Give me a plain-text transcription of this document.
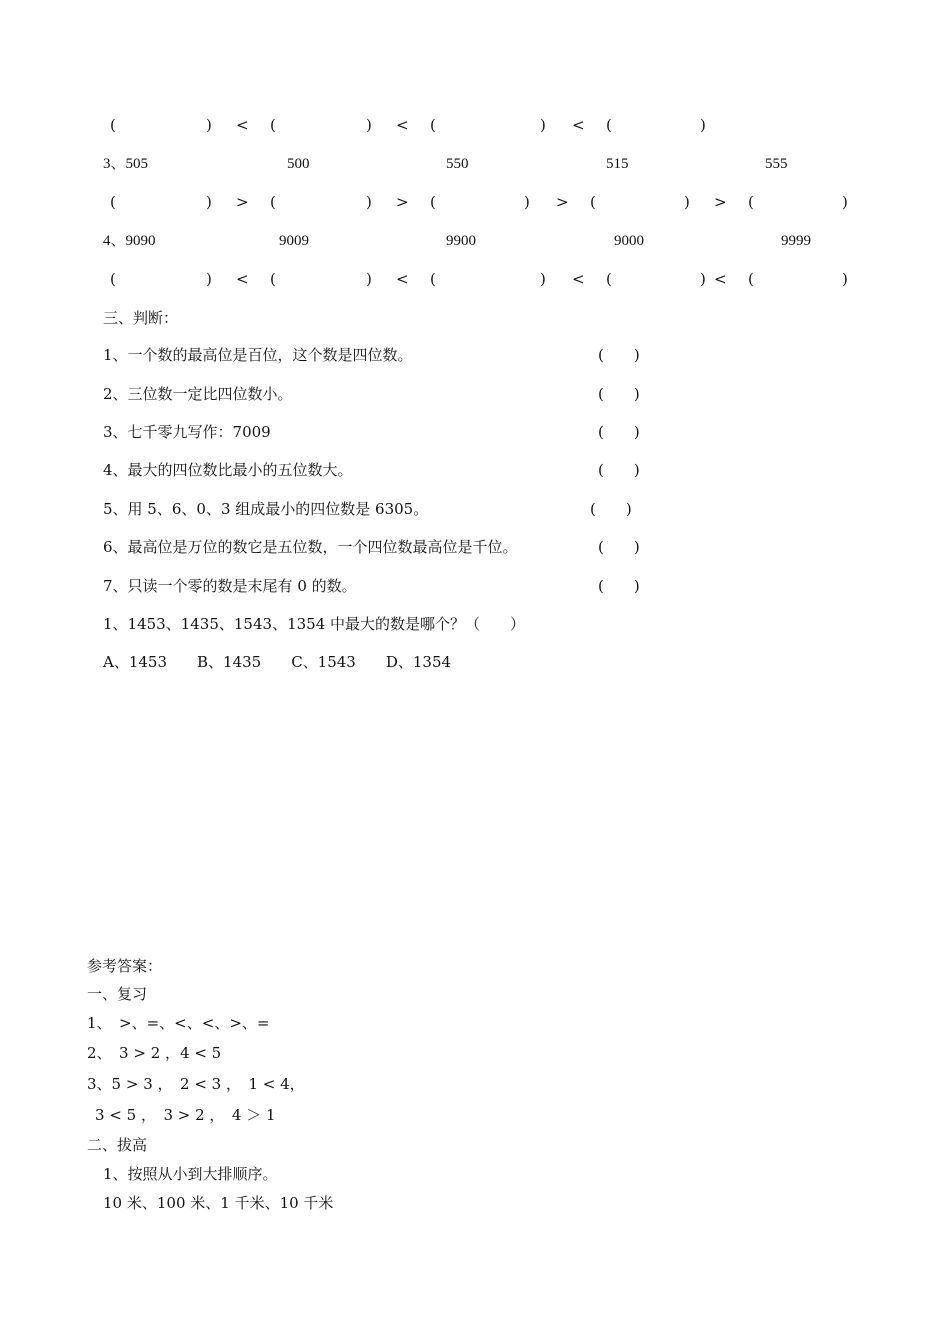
(	) < (	) < (	) < (	)
3、505	500	550	515	555
(	) > (	) > (	) > (	) > (	)
4、9090	9009	9900	9000	9999
(	) < (	) < (	) < (	) < (	)
三、判断：
1、一个数的最高位是百位，这个数是四位数。	(　　)
2、三位数一定比四位数小。	(　　)
3、七千零九写作：7009	(　　)
4、最大的四位数比最小的五位数大。	(　　)
5、用 5、6、0、3 组成最小的四位数是 6305。	(　　)
6、最高位是万位的数它是五位数，一个四位数最高位是千位。	(　　)
7、只读一个零的数是末尾有 0 的数。	(　　)
1、1453、1435、1543、1354 中最大的数是哪个？（　　）
A、1453　　B、1435　　C、1543　　D、1354
参考答案：
一、复习
1、　>、=、<、<、>、=
2、　3 > 2 ，4 < 5
3、5 > 3 ，　2 < 3 ，　1 < 4，
3 < 5 ，　3 > 2 ，　4 ＞ 1
二、拔高
1、按照从小到大排顺序。
10 米、100 米、1 千米、10 千米
